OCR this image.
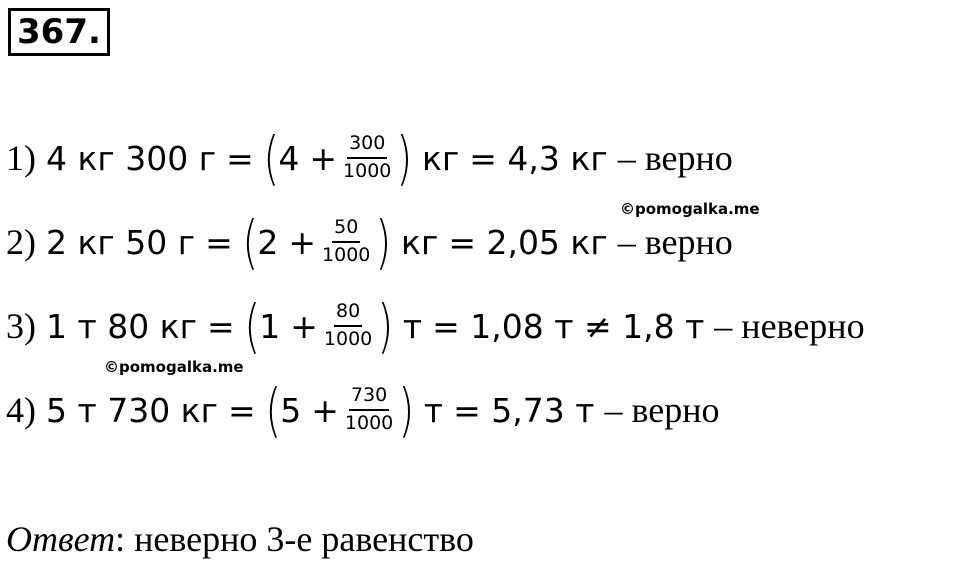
367.
1) 4 кг 300 г = ( $4 + \frac{300}{1000}$ ) кг = 4,3 кг – верно
©pomogalka.me
2) 2 кг 50 г = ( $2 + \frac{50}{1000}$ ) кг = 2,05 кг – верно
3) 1 т 80 кг = ( $1 + \frac{80}{1000}$ ) т = 1,08 т ≠ 1,8 т – неверно
©pomogalka.me
4) 5 т 730 кг = ( $5 + \frac{730}{1000}$ ) т = 5,73 т – верно
Ответ: неверно 3-е равенство
